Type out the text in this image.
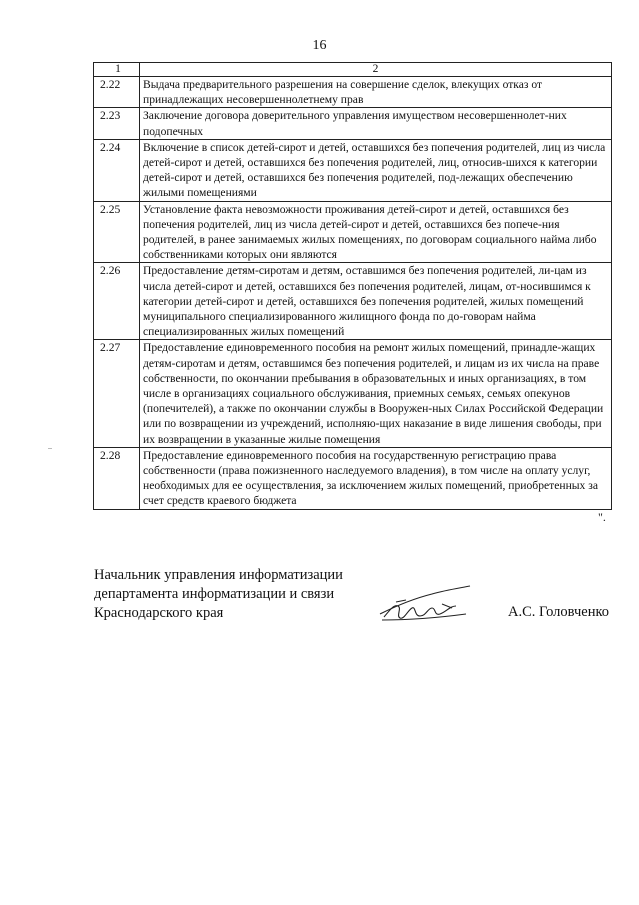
16
1	2
2.22	Выдача предварительного разрешения на совершение сделок, влекущих отказ от принадлежащих несовершеннолетнему прав
2.23	Заключение договора доверительного управления имуществом несовершеннолет-них подопечных
2.24	Включение в список детей-сирот и детей, оставшихся без попечения родителей, лиц из числа детей-сирот и детей, оставшихся без попечения родителей, лиц, относив-шихся к категории детей-сирот и детей, оставшихся без попечения родителей, под-лежащих обеспечению жилыми помещениями
2.25	Установление факта невозможности проживания детей-сирот и детей, оставшихся без попечения родителей, лиц из числа детей-сирот и детей, оставшихся без попече-ния родителей, в ранее занимаемых жилых помещениях, по договорам социального найма либо собственниками которых они являются
2.26	Предоставление детям-сиротам и детям, оставшимся без попечения родителей, ли-цам из числа детей-сирот и детей, оставшихся без попечения родителей, лицам, от-носившимся к категории детей-сирот и детей, оставшихся без попечения родителей, жилых помещений муниципального специализированного жилищного фонда по до-говорам найма специализированных жилых помещений
2.27	Предоставление единовременного пособия на ремонт жилых помещений, принадле-жащих детям-сиротам и детям, оставшимся без попечения родителей, и лицам из их числа на праве собственности, по окончании пребывания в образовательных и иных организациях, в том числе в организациях социального обслуживания, приемных семьях, семьях опекунов (попечителей), а также по окончании службы в Вооружен-ных Силах Российской Федерации или по возвращении из учреждений, исполняю-щих наказание в виде лишения свободы, при их возвращении в указанные жилые помещения
2.28	Предоставление единовременного пособия на государственную регистрацию права собственности (права пожизненного наследуемого владения), в том числе на оплату услуг, необходимых для ее осуществления, за исключением жилых помещений, приобретенных за счет средств краевого бюджета
".
Начальник управления информатизации
департамента информатизации и связи
Краснодарского края	А.С. Головченко
